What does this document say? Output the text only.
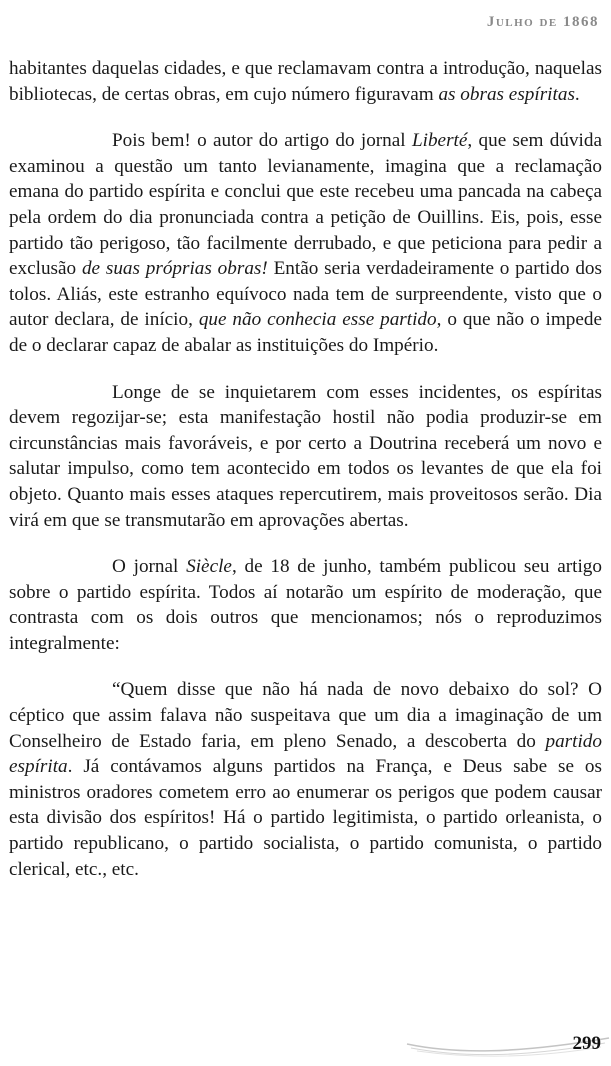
Julho de 1868

habitantes daquelas cidades, e que reclamavam contra a introdução, naquelas bibliotecas, de certas obras, em cujo número figuravam as obras espíritas.

Pois bem! o autor do artigo do jornal Liberté, que sem dúvida examinou a questão um tanto levianamente, imagina que a reclamação emana do partido espírita e conclui que este recebeu uma pancada na cabeça pela ordem do dia pronunciada contra a petição de Ouillins. Eis, pois, esse partido tão perigoso, tão facilmente derrubado, e que peticiona para pedir a exclusão de suas próprias obras! Então seria verdadeiramente o partido dos tolos. Aliás, este estranho equívoco nada tem de surpreendente, visto que o autor declara, de início, que não conhecia esse partido, o que não o impede de o declarar capaz de abalar as instituições do Império.

Longe de se inquietarem com esses incidentes, os espíritas devem regozijar-se; esta manifestação hostil não podia produzir-se em circunstâncias mais favoráveis, e por certo a Doutrina receberá um novo e salutar impulso, como tem acontecido em todos os levantes de que ela foi objeto. Quanto mais esses ataques repercutirem, mais proveitosos serão. Dia virá em que se transmutarão em aprovações abertas.

O jornal Siècle, de 18 de junho, também publicou seu artigo sobre o partido espírita. Todos aí notarão um espírito de moderação, que contrasta com os dois outros que mencionamos; nós o reproduzimos integralmente:

“Quem disse que não há nada de novo debaixo do sol? O céptico que assim falava não suspeitava que um dia a imaginação de um Conselheiro de Estado faria, em pleno Senado, a descoberta do partido espírita. Já contávamos alguns partidos na França, e Deus sabe se os ministros oradores cometem erro ao enumerar os perigos que podem causar esta divisão dos espíritos! Há o partido legitimista, o partido orleanista, o partido republicano, o partido socialista, o partido comunista, o partido clerical, etc., etc.

299
